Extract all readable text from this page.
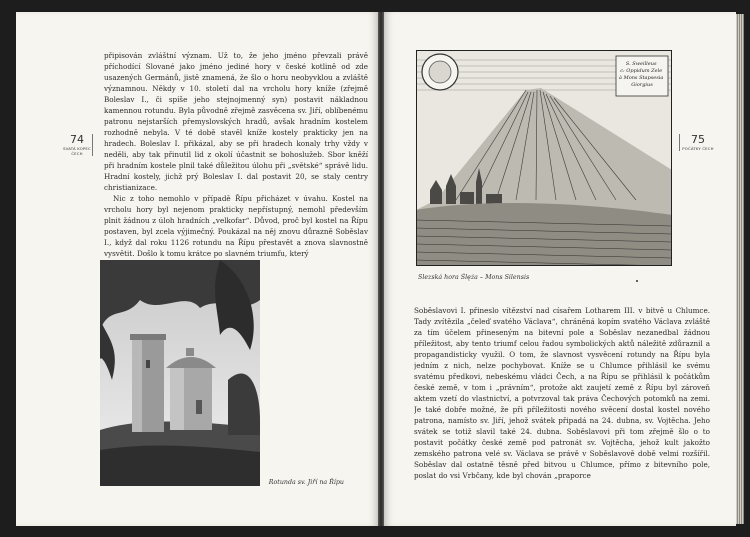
74
SVATÁ KOPEC ČECH

připisován zvláštní význam. Už to, že jeho jméno převzali právě příchodící Slované jako jméno jediné hory v české kotlině od zde usazených Germánů, jistě znamená, že šlo o horu neobyvklou a zvláště významnou. Někdy v 10. století dal na vrcholu hory kníže (zřejmě Boleslav I., či spíše jeho stejnojmenný syn) postavit nákladnou kamennou rotundu. Byla původně zřejmě zasvěcena sv. Jiří, oblíbenému patronu nejstarších přemyslovských hradů, avšak hradním kostelem rozhodně nebyla. V té době stavěl kníže kostely prakticky jen na hradech. Boleslav I. přikázal, aby se při hradech konaly trhy vždy v neděli, aby tak přinutil lid z okolí účastnit se bohoslužeb. Sbor kněží při hradním kostele plnil také důležitou úlohu při „světské“ správě lidu. Hradní kostely, jichž prý Boleslav I. dal postavit 20, se staly centry christianizace.

Nic z toho nemohlo v případě Řípu přicházet v úvahu. Kostel na vrcholu hory byl nejenom prakticky nepřístupný, nemohl především plnit žádnou z úloh hradních „velkofar“. Důvod, proč byl kostel na Řípu postaven, byl zcela výjimečný. Poukázal na něj znovu důrazně Soběslav I., když dal roku 1126 rotundu na Řípu přestavět a znova slavnostně vysvětit. Došlo k tomu krátce po slavném triumfu, který

Rotunda sv. Jiří na Řípu
S. Sweilleus c: Oppidum Zele à Mons Stapsesia Giorgius
Slezská hora Ślęża – Mons Silensis
75
POČÁTKY ČECH

Soběslavovi I. přineslo vítězství nad císařem Lotharem III. v bitvě u Chlumce. Tady zvítězila „čeleď svatého Václava“, chráněná kopím svatého Václava zvláště za tím účelem přineseným na bitevní pole a Soběslav nezanedbal žádnou příležitost, aby tento triumf celou řadou symbolických aktů náležitě zdůraznil a propagandisticky využil. O tom, že slavnost vysvěcení rotundy na Řípu byla jedním z nich, nelze pochybovat. Kníže se u Chlumce přihlásil ke svému svatému předkovi, nebeskému vládci Čech, a na Řípu se přihlásil k počátkům české země, v tom i „právním“, protože akt zaujetí země z Řípu byl zároveň aktem vzetí do vlastnictví, a potvrzoval tak práva Čechových potomků na zemi. Je také dobře možné, že při příležitosti nového svěcení dostal kostel nového patrona, namísto sv. Jiří, jehož svátek připadá na 24. dubna, sv. Vojtěcha. Jeho svátek se totiž slavil také 24. dubna. Soběslavovi při tom zřejmě šlo o to postavit počátky české země pod patronát sv. Vojtěcha, jehož kult jakožto zemského patrona velé sv. Václava se právě v Soběslavově době velmi rozšířil. Soběslav dal ostatně těsně před bitvou u Chlumce, přímo z bitevního pole, poslat do vsi Vrbčany, kde byl chován „praporce
